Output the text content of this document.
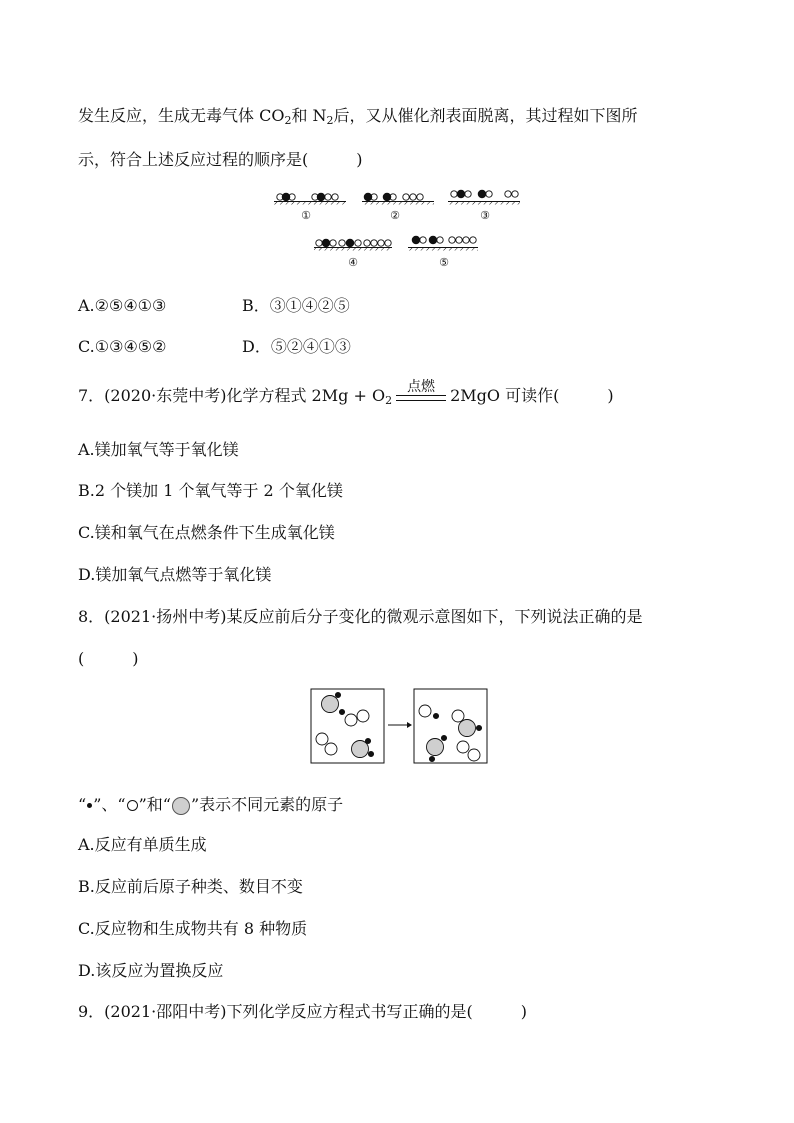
发生反应，生成无毒气体 $CO_2$和 $N_2$后，又从催化剂表面脱离，其过程如下图所
示，符合上述反应过程的顺序是(　　　)
①	②	③
④	⑤
A.②⑤④①③	B．③①④②⑤
C.①③④⑤②	D．⑤②④①③
7．(2020·东莞中考)化学方程式 $2Mg + O_2$
点燃 2MgO 可读作(　　　)
A.镁加氧气等于氧化镁
B.2 个镁加 1 个氧气等于 2 个氧化镁
C.镁和氧气在点燃条件下生成氧化镁
D.镁加氧气点燃等于氧化镁
8．(2021·扬州中考)某反应前后分子变化的微观示意图如下，下列说法正确的是
(　　　)
“ ”、“ ”和“ ”表示不同元素的原子
A.反应有单质生成
B.反应前后原子种类、数目不变
C.反应物和生成物共有 8 种物质
D.该反应为置换反应
9．(2021·邵阳中考)下列化学反应方程式书写正确的是(　　　)
